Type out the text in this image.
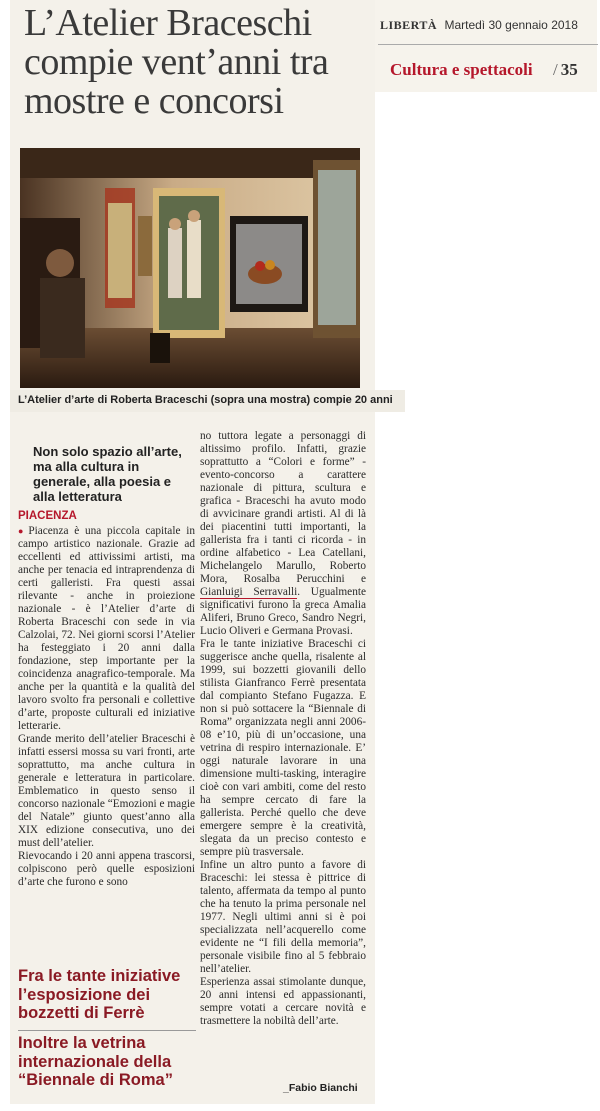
L’Atelier Braceschi compie vent’anni tra mostre e concorsi
LIBERTÀ Martedì 30 gennaio 2018
Cultura e spettacoli / 35
L’Atelier d’arte di Roberta Braceschi (sopra una mostra) compie 20 anni

Non solo spazio all’arte, ma alla cultura in generale, alla poesia e alla letteratura

PIACENZA

● Piacenza è una piccola capitale in campo artistico nazionale. Grazie ad eccellenti ed attivissimi artisti, ma anche per tenacia ed intraprendenza di certi galleristi. Fra questi assai rilevante - anche in proiezione nazionale - è l’Atelier d’arte di Roberta Braceschi con sede in via Calzolai, 72. Nei giorni scorsi l’Atelier ha festeggiato i 20 anni dalla fondazione, step importante per la coincidenza anagrafico-temporale. Ma anche per la quantità e la qualità del lavoro svolto fra personali e collettive d’arte, proposte culturali ed iniziative letterarie.

Grande merito dell’atelier Braceschi è infatti essersi mossa su vari fronti, arte soprattutto, ma anche cultura in generale e letteratura in particolare. Emblematico in questo senso il concorso nazionale “Emozioni e magie del Natale” giunto quest’anno alla XIX edizione consecutiva, uno dei must dell’atelier.

Rievocando i 20 anni appena trascorsi, colpiscono però quelle esposizioni d’arte che furono e sono

no tuttora legate a personaggi di altissimo profilo. Infatti, grazie soprattutto a “Colori e forme” - evento-concorso a carattere nazionale di pittura, scultura e grafica - Braceschi ha avuto modo di avvicinare grandi artisti. Al di là dei piacentini tutti importanti, la gallerista fra i tanti ci ricorda - in ordine alfabetico - Lea Catellani, Michelangelo Marullo, Roberto Mora, Rosalba Perucchini e Gianluigi Serravalli. Ugualmente significativi furono la greca Amalia Aliferi, Bruno Greco, Sandro Negri, Lucio Oliveri e Germana Provasi.

Fra le tante iniziative Braceschi ci suggerisce anche quella, risalente al 1999, sui bozzetti giovanili dello stilista Gianfranco Ferrè presentata dal compianto Stefano Fugazza. E non si può sottacere la “Biennale di Roma” organizzata negli anni 2006-08 e’10, più di un’occasione, una vetrina di respiro internazionale. E’ oggi naturale lavorare in una dimensione multi-tasking, interagire cioè con vari ambiti, come del resto ha sempre cercato di fare la gallerista. Perché quello che deve emergere sempre è la creatività, slegata da un preciso contesto e sempre più trasversale.

Infine un altro punto a favore di Braceschi: lei stessa è pittrice di talento, affermata da tempo al punto che ha tenuto la prima personale nel 1977. Negli ultimi anni si è poi specializzata nell’acquerello come evidente ne “I fili della memoria”, personale visibile fino al 5 febbraio nell’atelier.

Esperienza assai stimolante dunque, 20 anni intensi ed appassionanti, sempre votati a cercare novità e trasmettere la nobiltà dell’arte.

Fra le tante iniziative l’esposizione dei bozzetti di Ferrè

Inoltre la vetrina internazionale della “Biennale di Roma”	_Fabio Bianchi
